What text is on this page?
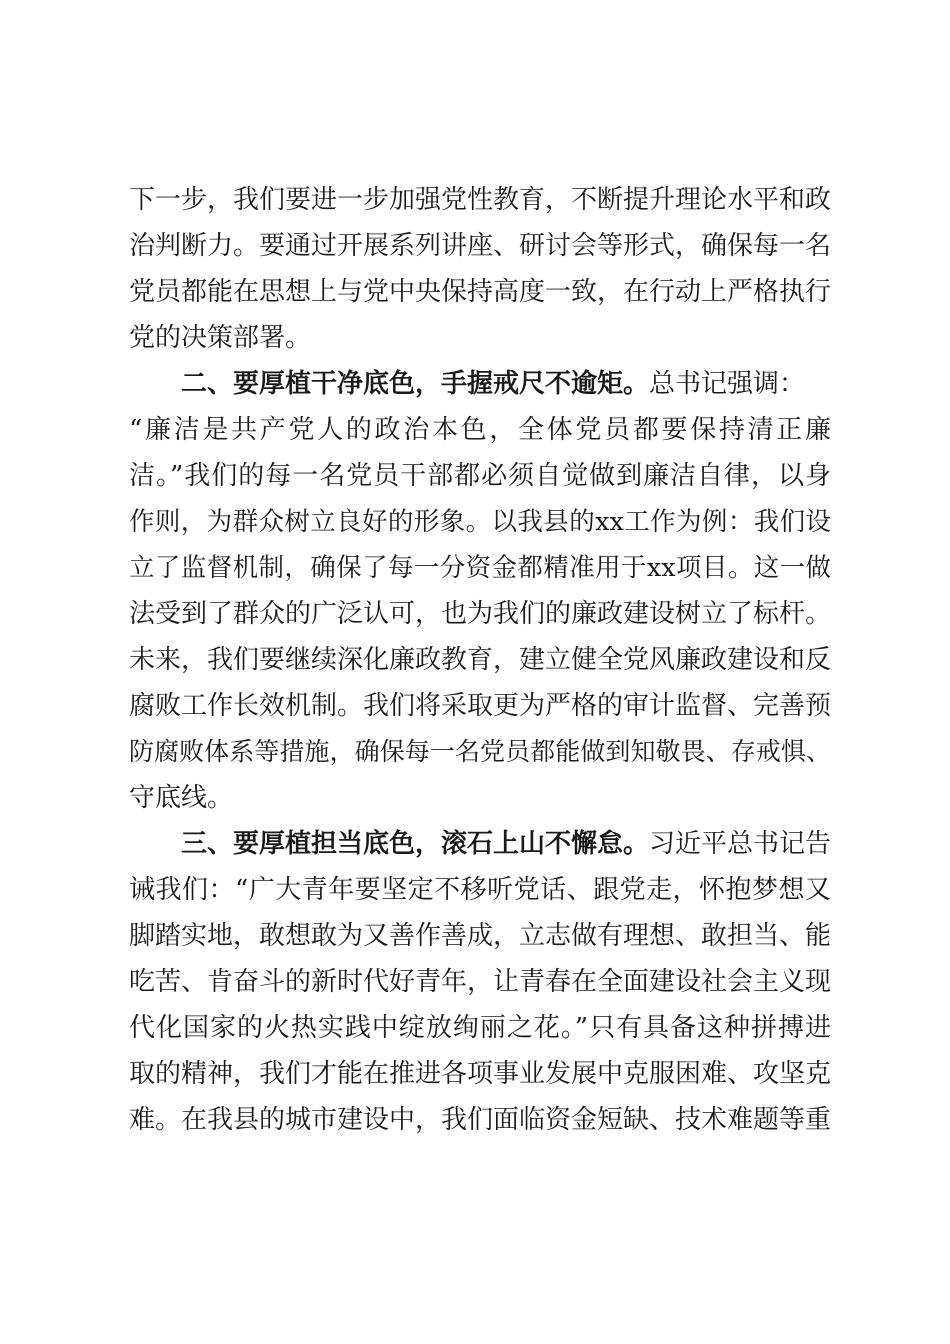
下一步，我们要进一步加强党性教育，不断提升理论水平和政
治判断力。要通过开展系列讲座、研讨会等形式，确保每一名
党员都能在思想上与党中央保持高度一致，在行动上严格执行
党的决策部署。
二、要厚植干净底色，手握戒尺不逾矩。总书记强调：
“廉洁是共产党人的政治本色，全体党员都要保持清正廉
洁。”我们的每一名党员干部都必须自觉做到廉洁自律，以身
作则，为群众树立良好的形象。以我县的xx工作为例：我们设
立了监督机制，确保了每一分资金都精准用于xx项目。这一做
法受到了群众的广泛认可，也为我们的廉政建设树立了标杆。
未来，我们要继续深化廉政教育，建立健全党风廉政建设和反
腐败工作长效机制。我们将采取更为严格的审计监督、完善预
防腐败体系等措施，确保每一名党员都能做到知敬畏、存戒惧、
守底线。
三、要厚植担当底色，滚石上山不懈怠。习近平总书记告
诫我们：“广大青年要坚定不移听党话、跟党走，怀抱梦想又
脚踏实地，敢想敢为又善作善成，立志做有理想、敢担当、能
吃苦、肯奋斗的新时代好青年，让青春在全面建设社会主义现
代化国家的火热实践中绽放绚丽之花。”只有具备这种拼搏进
取的精神，我们才能在推进各项事业发展中克服困难、攻坚克
难。在我县的城市建设中，我们面临资金短缺、技术难题等重
